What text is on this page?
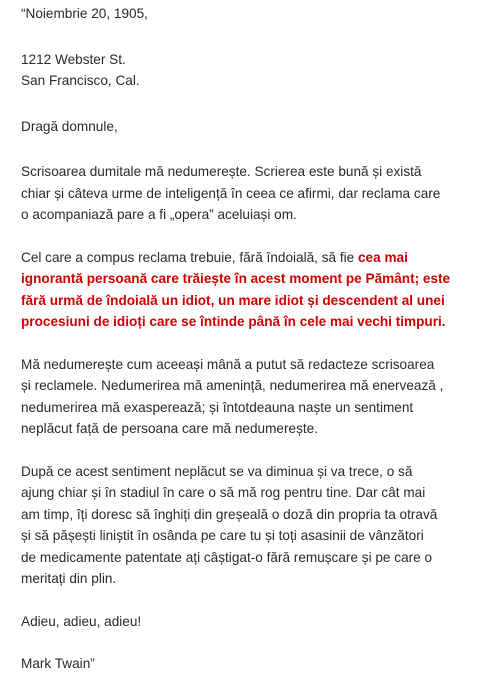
“Noiembrie 20, 1905,
1212 Webster St.
San Francisco, Cal.
Dragă domnule,
Scrisoarea dumitale mă nedumerește. Scrierea este bună și există
chiar și câteva urme de inteligență în ceea ce afirmi, dar reclama care
o acompaniază pare a fi „opera” aceluiași om.
Cel care a compus reclama trebuie, fără îndoială, să fie cea mai
ignorantă persoană care trăiește în acest moment pe Pământ; este
fără urmă de îndoială un idiot, un mare idiot și descendent al unei
procesiuni de idioți care se întinde până în cele mai vechi timpuri.
Mă nedumerește cum aceeași mână a putut să redacteze scrisoarea
și reclamele. Nedumerirea mă amenință, nedumerirea mă enervează ,
nedumerirea mă exasperează; și întotdeauna naște un sentiment
neplăcut față de persoana care mă nedumerește.
După ce acest sentiment neplăcut se va diminua și va trece, o să
ajung chiar și în stadiul în care o să mă rog pentru tine. Dar cât mai
am timp, îți doresc să înghiți din greșeală o doză din propria ta otravă
și să pășești liniștit în osânda pe care tu și toți asasinii de vânzători
de medicamente patentate ați câștigat-o fără remușcare și pe care o
meritați din plin.
Adieu, adieu, adieu!
Mark Twain”
